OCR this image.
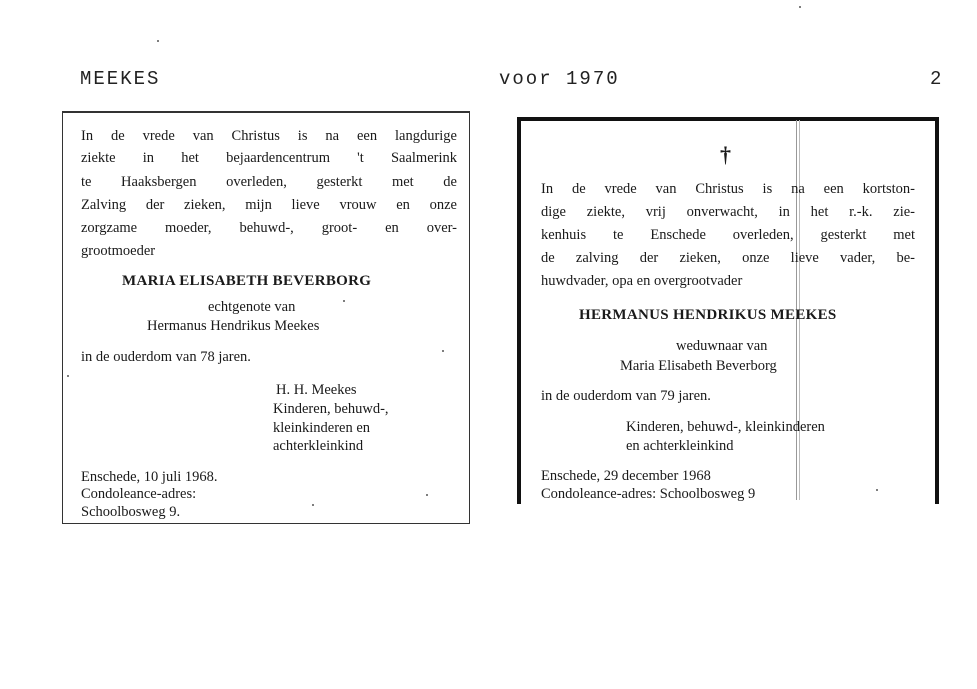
MEEKES	voor 1970	2
In de vrede van Christus is na een langdurige
ziekte in het bejaardencentrum 't Saalmerink
te Haaksbergen overleden, gesterkt met de
Zalving der zieken, mijn lieve vrouw en onze
zorgzame moeder, behuwd-, groot- en over-
grootmoeder
MARIA ELISABETH BEVERBORG
echtgenote van
Hermanus Hendrikus Meekes
in de ouderdom van 78 jaren.
H. H. Meekes
Kinderen, behuwd-,
kleinkinderen en
achterkleinkind
Enschede, 10 juli 1968.
Condoleance-adres:
Schoolbosweg 9.
†
In de vrede van Christus is na een kortston-
dige ziekte, vrij onverwacht, in het r.-k. zie-
kenhuis te Enschede overleden, gesterkt met
de zalving der zieken, onze lieve vader, be-
huwdvader, opa en overgrootvader
HERMANUS HENDRIKUS MEEKES
weduwnaar van
Maria Elisabeth Beverborg
in de ouderdom van 79 jaren.
Kinderen, behuwd-, kleinkinderen
en achterkleinkind
Enschede, 29 december 1968
Condoleance-adres: Schoolbosweg 9
